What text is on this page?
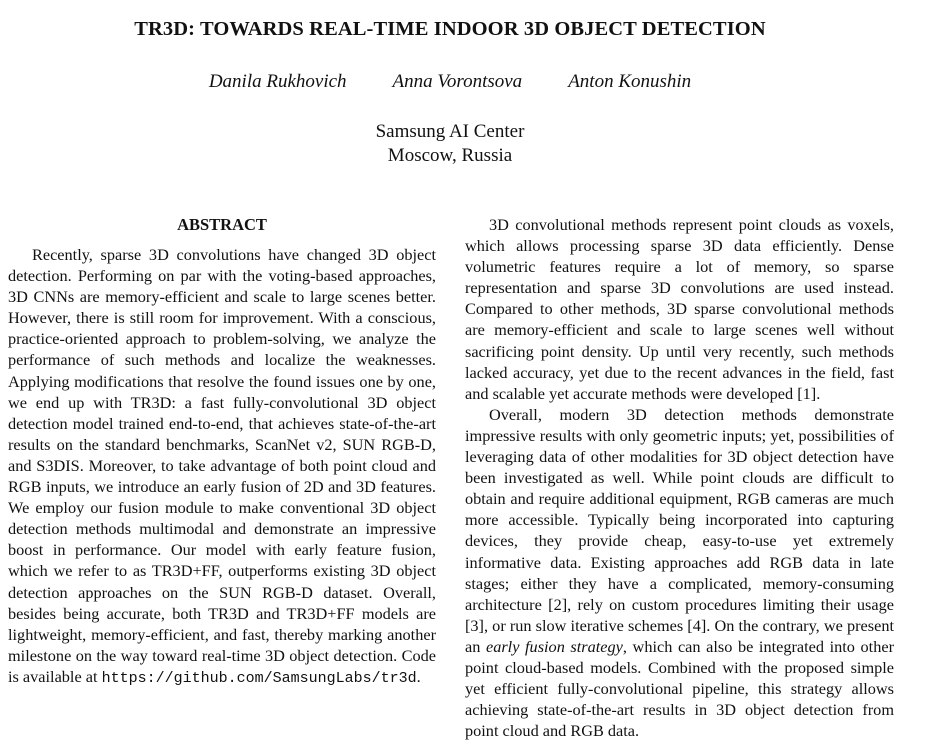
TR3D: TOWARDS REAL-TIME INDOOR 3D OBJECT DETECTION
Danila Rukhovich Anna Vorontsova Anton Konushin
Samsung AI Center
Moscow, Russia
ABSTRACT

Recently, sparse 3D convolutions have changed 3D object detection. Performing on par with the voting-based approaches, 3D CNNs are memory-efficient and scale to large scenes better. However, there is still room for improvement. With a conscious, practice-oriented approach to problem-solving, we analyze the performance of such methods and localize the weaknesses. Applying modifications that resolve the found issues one by one, we end up with TR3D: a fast fully-convolutional 3D object detection model trained end-to-end, that achieves state-of-the-art results on the standard benchmarks, ScanNet v2, SUN RGB-D, and S3DIS. Moreover, to take advantage of both point cloud and RGB inputs, we introduce an early fusion of 2D and 3D features. We employ our fusion module to make conventional 3D object detection methods multimodal and demonstrate an impressive boost in performance. Our model with early feature fusion, which we refer to as TR3D+FF, outperforms existing 3D object detection approaches on the SUN RGB-D dataset. Overall, besides being accurate, both TR3D and TR3D+FF models are lightweight, memory-efficient, and fast, thereby marking another milestone on the way toward real-time 3D object detection. Code is available at https://github.com/SamsungLabs/tr3d.

3D convolutional methods represent point clouds as voxels, which allows processing sparse 3D data efficiently. Dense volumetric features require a lot of memory, so sparse representation and sparse 3D convolutions are used instead. Compared to other methods, 3D sparse convolutional methods are memory-efficient and scale to large scenes well without sacrificing point density. Up until very recently, such methods lacked accuracy, yet due to the recent advances in the field, fast and scalable yet accurate methods were developed [1].

Overall, modern 3D detection methods demonstrate impressive results with only geometric inputs; yet, possibilities of leveraging data of other modalities for 3D object detection have been investigated as well. While point clouds are difficult to obtain and require additional equipment, RGB cameras are much more accessible. Typically being incorporated into capturing devices, they provide cheap, easy-to-use yet extremely informative data. Existing approaches add RGB data in late stages; either they have a complicated, memory-consuming architecture [2], rely on custom procedures limiting their usage [3], or run slow iterative schemes [4]. On the contrary, we present an early fusion strategy, which can also be integrated into other point cloud-based models. Combined with the proposed simple yet efficient fully-convolutional pipeline, this strategy allows achieving state-of-the-art results in 3D object detection from point cloud and RGB data.
